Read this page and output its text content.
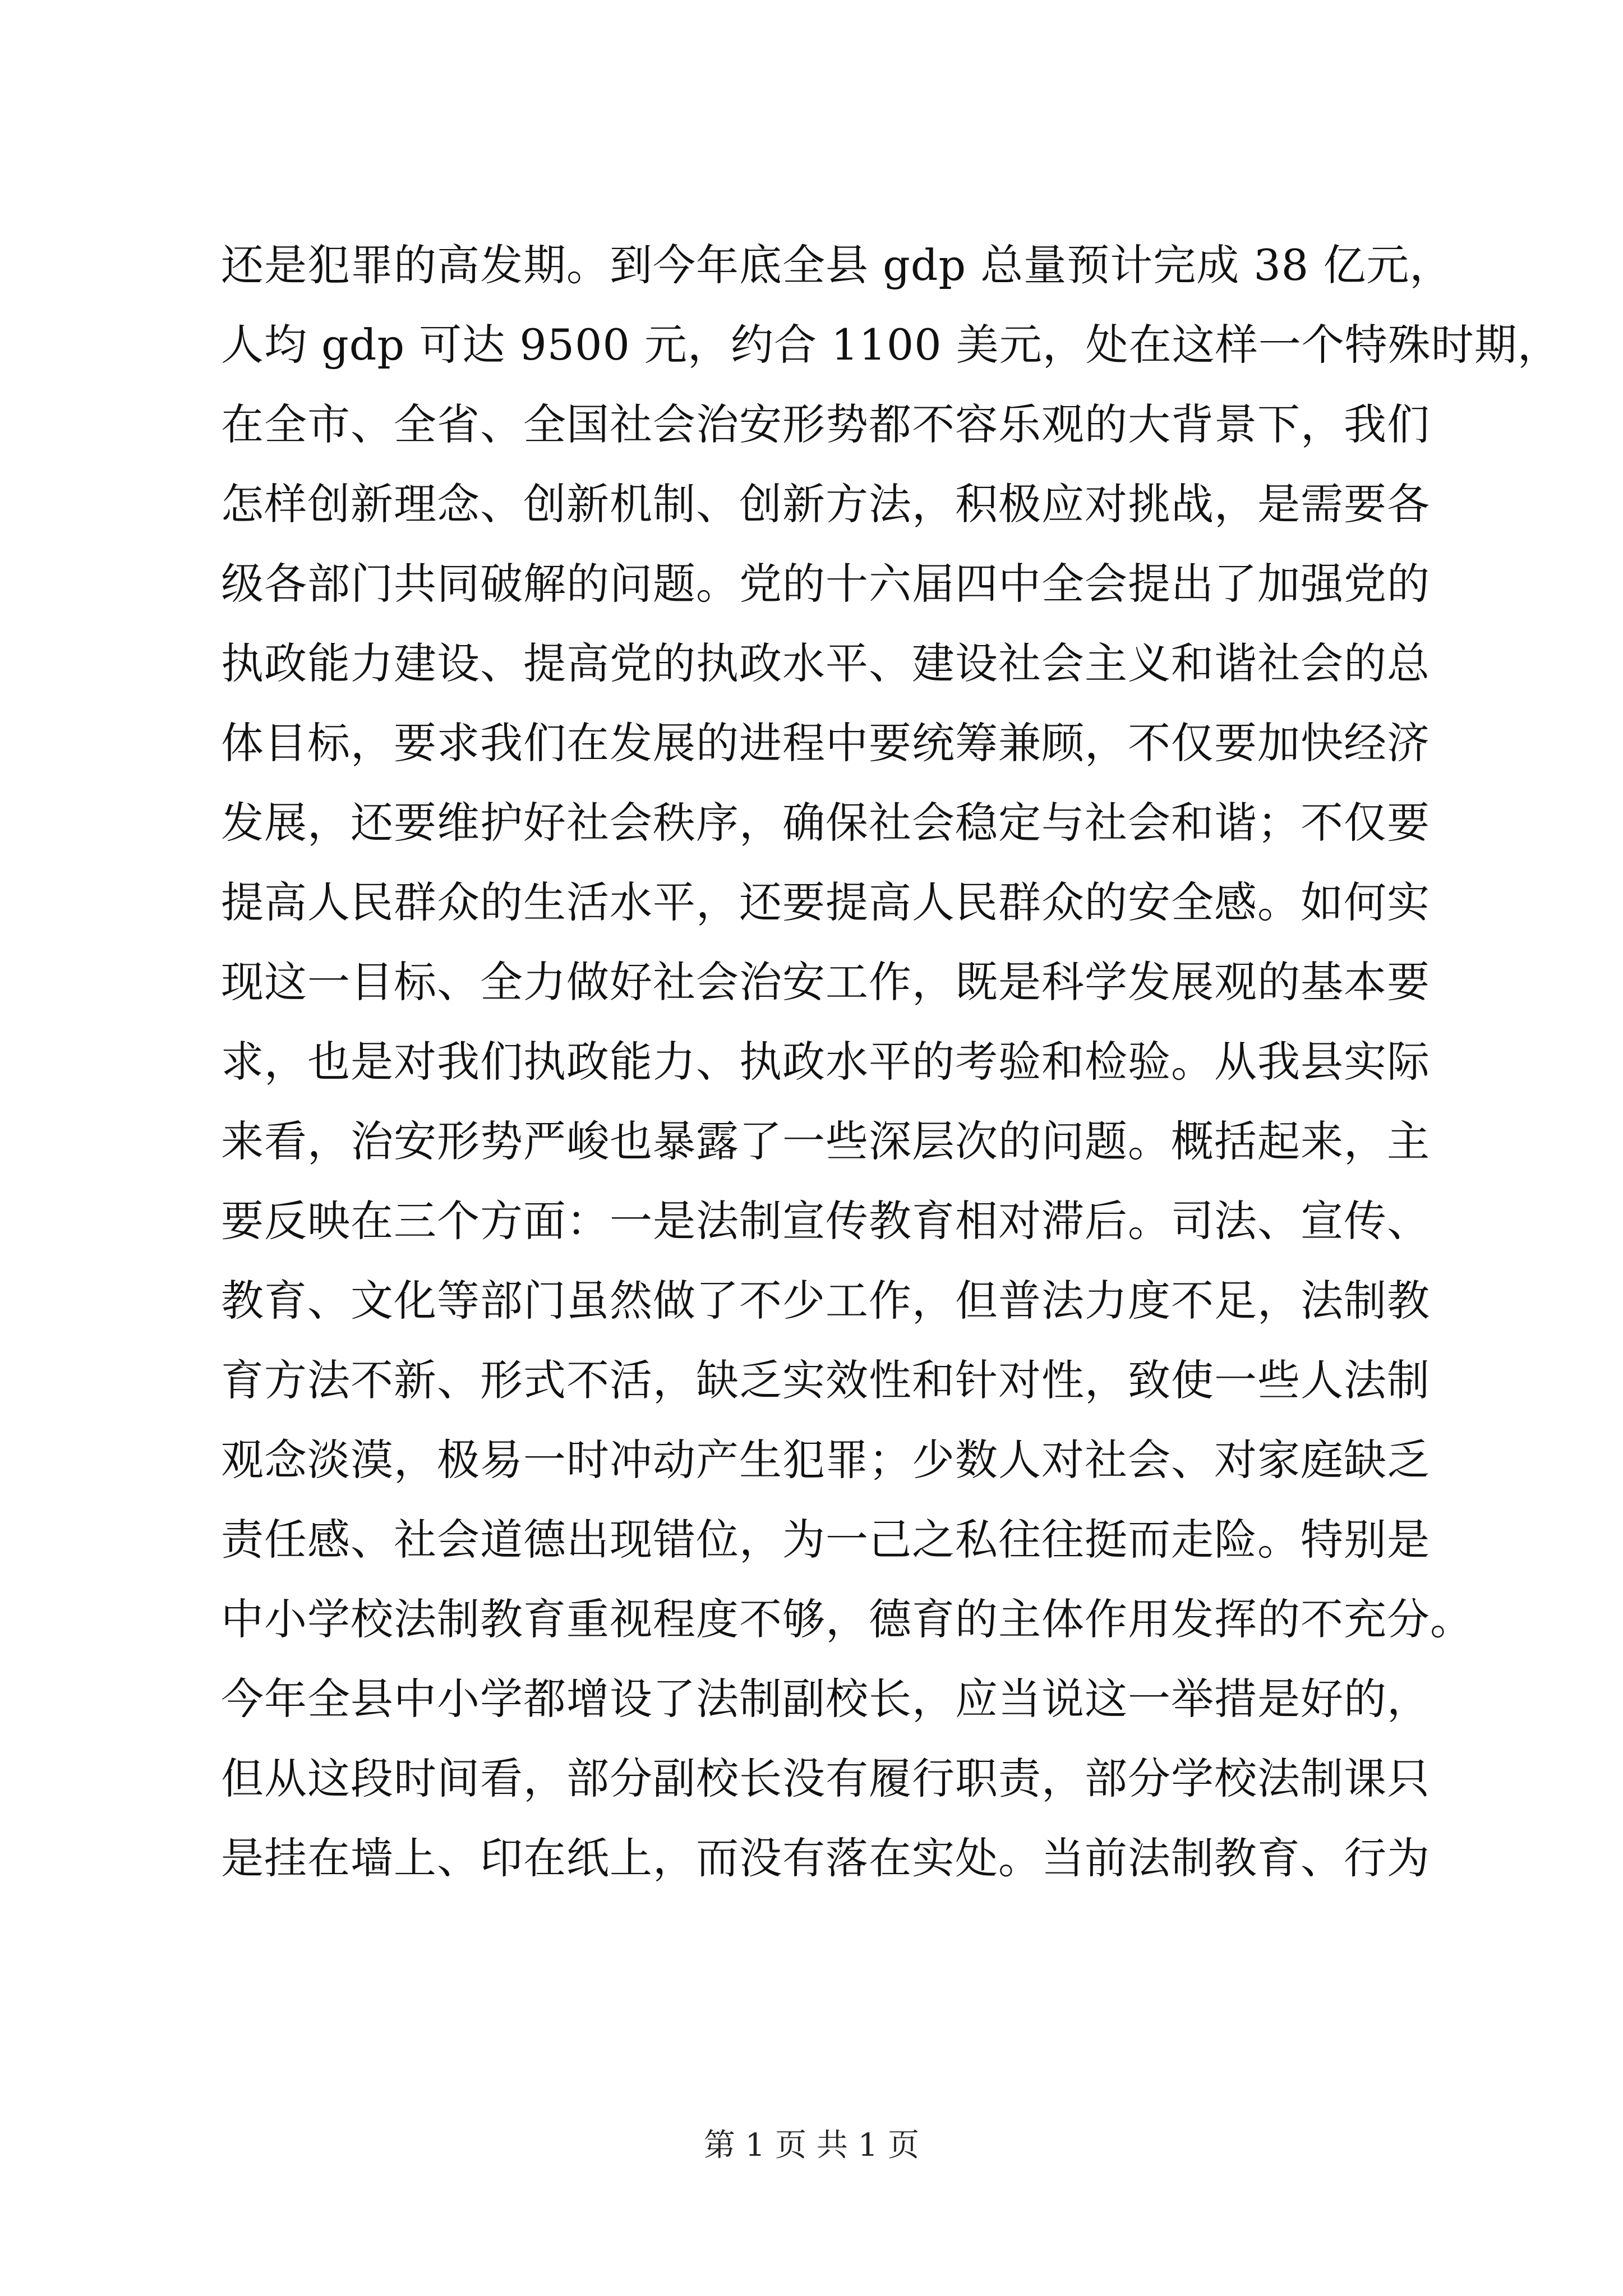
还是犯罪的高发期。到今年底全县 gdp 总量预计完成 38 亿元，
人均 gdp 可达 9500 元，约合 1100 美元，处在这样一个特殊时期，
在全市、全省、全国社会治安形势都不容乐观的大背景下，我们
怎样创新理念、创新机制、创新方法，积极应对挑战，是需要各
级各部门共同破解的问题。党的十六届四中全会提出了加强党的
执政能力建设、提高党的执政水平、建设社会主义和谐社会的总
体目标，要求我们在发展的进程中要统筹兼顾，不仅要加快经济
发展，还要维护好社会秩序，确保社会稳定与社会和谐；不仅要
提高人民群众的生活水平，还要提高人民群众的安全感。如何实
现这一目标、全力做好社会治安工作，既是科学发展观的基本要
求，也是对我们执政能力、执政水平的考验和检验。从我县实际
来看，治安形势严峻也暴露了一些深层次的问题。概括起来，主
要反映在三个方面：一是法制宣传教育相对滞后。司法、宣传、
教育、文化等部门虽然做了不少工作，但普法力度不足，法制教
育方法不新、形式不活，缺乏实效性和针对性，致使一些人法制
观念淡漠，极易一时冲动产生犯罪；少数人对社会、对家庭缺乏
责任感、社会道德出现错位，为一己之私往往挺而走险。特别是
中小学校法制教育重视程度不够，德育的主体作用发挥的不充分。
今年全县中小学都增设了法制副校长，应当说这一举措是好的，
但从这段时间看，部分副校长没有履行职责，部分学校法制课只
是挂在墙上、印在纸上，而没有落在实处。当前法制教育、行为
第 1 页 共 1 页
